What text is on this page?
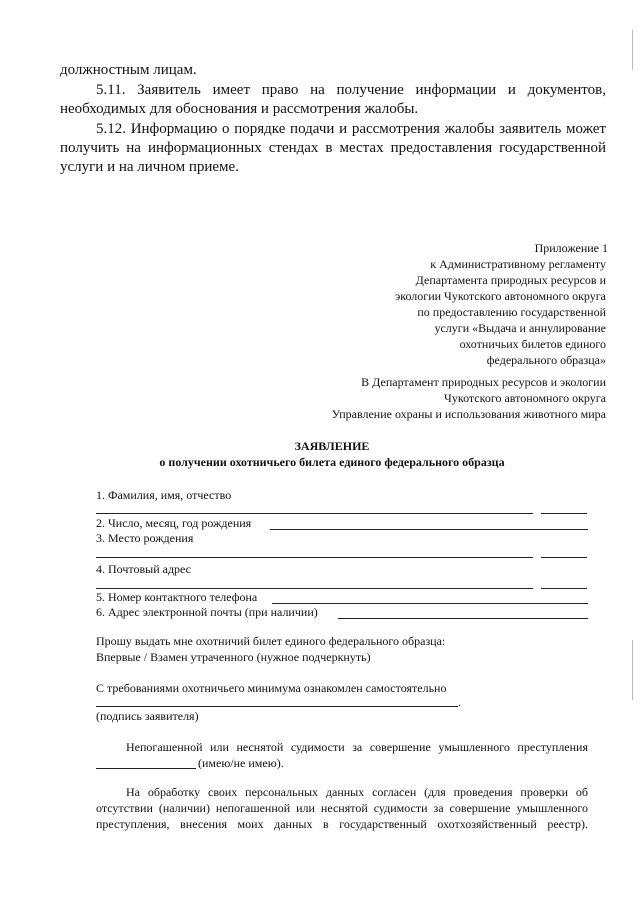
должностным лицам.
5.11. Заявитель имеет право на получение информации и документов,
необходимых для обоснования и рассмотрения жалобы.
5.12. Информацию о порядке подачи и рассмотрения жалобы заявитель может
получить на информационных стендах в местах предоставления государственной
услуги и на личном приеме.
Приложение 1
к Административному регламенту
Департамента природных ресурсов и
экологии Чукотского автономного округа
по предоставлению государственной
услуги «Выдача и аннулирование
охотничьих билетов единого
федерального образца»
В Департамент природных ресурсов и экологии
Чукотского автономного округа
Управление охраны и использования животного мира
ЗАЯВЛЕНИЕ
о получении охотничьего билета единого федерального образца
1. Фамилия, имя, отчество
2. Число, месяц, год рождения
3. Место рождения
4. Почтовый адрес
5. Номер контактного телефона
6. Адрес электронной почты (при наличии)
Прошу выдать мне охотничий билет единого федерального образца:
Впервые / Взамен утраченного (нужное подчеркнуть)
С требованиями охотничьего минимума ознакомлен самостоятельно
.
(подпись заявителя)
Непогашенной или неснятой судимости за совершение умышленного преступления
(имею/не имею).
На обработку своих персональных данных согласен (для проведения проверки об
отсутствии (наличии) непогашенной или неснятой судимости за совершение умышленного
преступления, внесения моих данных в государственный охотхозяйственный реестр).
